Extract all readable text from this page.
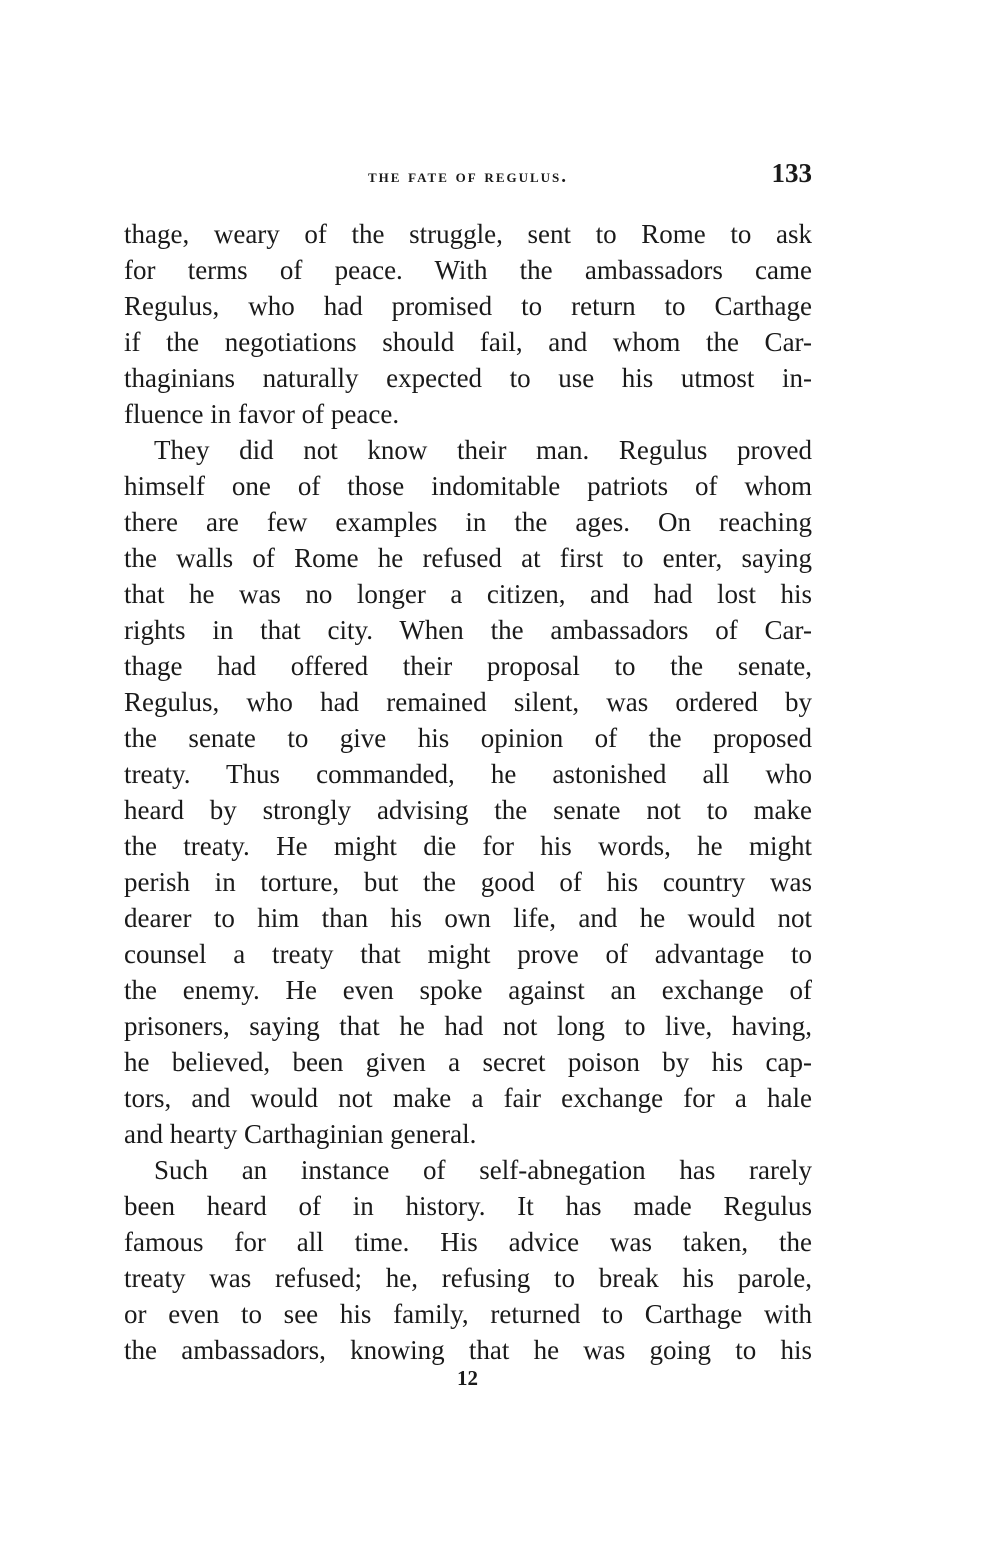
the fate of regulus.	133
thage, weary of the struggle, sent to Rome to ask
for terms of peace. With the ambassadors came
Regulus, who had promised to return to Carthage
if the negotiations should fail, and whom the Car-
thaginians naturally expected to use his utmost in-
fluence in favor of peace.
They did not know their man. Regulus proved
himself one of those indomitable patriots of whom
there are few examples in the ages. On reaching
the walls of Rome he refused at first to enter, saying
that he was no longer a citizen, and had lost his
rights in that city. When the ambassadors of Car-
thage had offered their proposal to the senate,
Regulus, who had remained silent, was ordered by
the senate to give his opinion of the proposed
treaty. Thus commanded, he astonished all who
heard by strongly advising the senate not to make
the treaty. He might die for his words, he might
perish in torture, but the good of his country was
dearer to him than his own life, and he would not
counsel a treaty that might prove of advantage to
the enemy. He even spoke against an exchange of
prisoners, saying that he had not long to live, having,
he believed, been given a secret poison by his cap-
tors, and would not make a fair exchange for a hale
and hearty Carthaginian general.
Such an instance of self-abnegation has rarely
been heard of in history. It has made Regulus
famous for all time. His advice was taken, the
treaty was refused; he, refusing to break his parole,
or even to see his family, returned to Carthage with
the ambassadors, knowing that he was going to his
12
